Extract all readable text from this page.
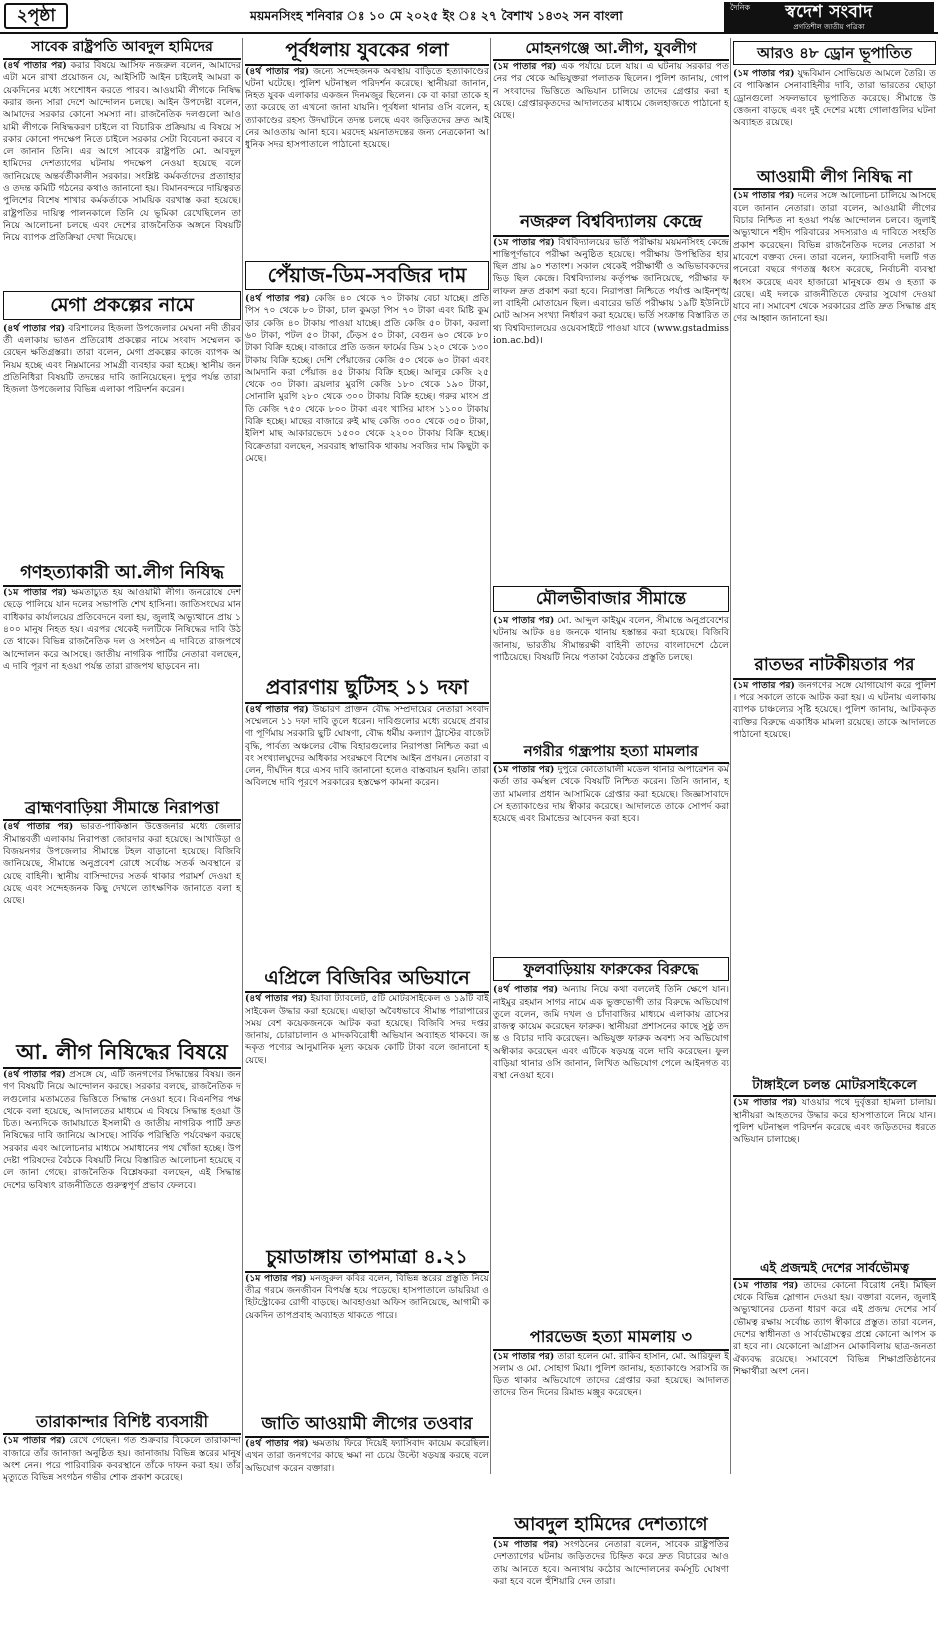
২পৃষ্ঠা	ময়মনসিংহ শনিবার ঃ ১০ মে ২০২৫ ইং ঃ ২৭ বৈশাখ ১৪৩২ সন বাংলা
দৈনিক	স্বদেশ সংবাদ
প্রগতিশীল জাতীয় পত্রিকা
সাবেক রাষ্ট্রপতি আবদুল হামিদের
(৪র্থ পাতার পর) করার বিষয়ে আসিফ নজরুল বলেন, আমাদের এটা মনে রাখা প্রয়োজন যে, আইসিটি আইন চাইলেই আমরা কয়েকদিনের মধ্যে সংশোধন করতে পারব। আওয়ামী লীগকে নিষিদ্ধ করার জন্য সারা দেশে আন্দোলন চলছে। আইন উপদেষ্টা বলেন, আমাদের সরকার কোনো সমস্যা না। রাজনৈতিক দলগুলো আওয়ামী লীগকে নিষিদ্ধকরণ চাইলে বা বিচারিক প্রক্রিয়ায় এ বিষয়ে সরকার কোনো পদক্ষেপ নিতে চাইলে সরকার সেটা বিবেচনা করবে বলে জানান তিনি। এর আগে সাবেক রাষ্ট্রপতি মো. আবদুল হামিদের দেশত্যাগের ঘটনায় পদক্ষেপ নেওয়া হয়েছে বলে জানিয়েছে অন্তর্বর্তীকালীন সরকার। সংশ্লিষ্ট কর্মকর্তাদের প্রত্যাহার ও তদন্ত কমিটি গঠনের কথাও জানানো হয়। বিমানবন্দরে দায়িত্বরত পুলিশের বিশেষ শাখার কর্মকর্তাকে সাময়িক বরখাস্ত করা হয়েছে। রাষ্ট্রপতির দায়িত্ব পালনকালে তিনি যে ভূমিকা রেখেছিলেন তা নিয়ে আলোচনা চলছে এবং দেশের রাজনৈতিক অঙ্গনে বিষয়টি নিয়ে ব্যাপক প্রতিক্রিয়া দেখা দিয়েছে।
মেগা প্রকল্পের নামে
(৪র্থ পাতার পর) বরিশালের হিজলা উপজেলার মেঘনা নদী তীরবর্তী এলাকায় ভাঙন প্রতিরোধ প্রকল্পের নামে সংবাদ সম্মেলন করেছেন ক্ষতিগ্রস্তরা। তারা বলেন, মেগা প্রকল্পের কাজে ব্যাপক অনিয়ম হচ্ছে এবং নিম্নমানের সামগ্রী ব্যবহার করা হচ্ছে। স্থানীয় জনপ্রতিনিধিরা বিষয়টি তদন্তের দাবি জানিয়েছেন। দুপুর পর্যন্ত তারা হিজলা উপজেলার বিভিন্ন এলাকা পরিদর্শন করেন।
গণহত্যাকারী আ.লীগ নিষিদ্ধ
(১ম পাতার পর) ক্ষমতাচ্যুত হয় আওয়ামী লীগ। জনরোষে দেশ ছেড়ে পালিয়ে যান দলের সভাপতি শেখ হাসিনা। জাতিসংঘের মানবাধিকার কার্যালয়ের প্রতিবেদনে বলা হয়, জুলাই অভ্যুত্থানে প্রায় ১৪০০ মানুষ নিহত হয়। এরপর থেকেই দলটিকে নিষিদ্ধের দাবি উঠতে থাকে। বিভিন্ন রাজনৈতিক দল ও সংগঠন এ দাবিতে রাজপথে আন্দোলন করে আসছে। জাতীয় নাগরিক পার্টির নেতারা বলছেন, এ দাবি পূরণ না হওয়া পর্যন্ত তারা রাজপথ ছাড়বেন না।
ব্রাহ্মণবাড়িয়া সীমান্তে নিরাপত্তা
(৪র্থ পাতার পর) ভারত-পাকিস্তান উত্তেজনার মধ্যে জেলার সীমান্তবর্তী এলাকায় নিরাপত্তা জোরদার করা হয়েছে। আখাউড়া ও বিজয়নগর উপজেলার সীমান্তে টহল বাড়ানো হয়েছে। বিজিবি জানিয়েছে, সীমান্তে অনুপ্রবেশ রোধে সর্বোচ্চ সতর্ক অবস্থানে রয়েছে বাহিনী। স্থানীয় বাসিন্দাদের সতর্ক থাকার পরামর্শ দেওয়া হয়েছে এবং সন্দেহজনক কিছু দেখলে তাৎক্ষণিক জানাতে বলা হয়েছে।
আ. লীগ নিষিদ্ধের বিষয়ে
(৪র্থ পাতার পর) প্রসঙ্গে যে, এটি জনগণের সিদ্ধান্তের বিষয়। জনগণ বিষয়টি নিয়ে আন্দোলন করছে। সরকার বলছে, রাজনৈতিক দলগুলোর মতামতের ভিত্তিতে সিদ্ধান্ত নেওয়া হবে। বিএনপির পক্ষ থেকে বলা হয়েছে, আদালতের মাধ্যমে এ বিষয়ে সিদ্ধান্ত হওয়া উচিত। অন্যদিকে জামায়াতে ইসলামী ও জাতীয় নাগরিক পার্টি দ্রুত নিষিদ্ধের দাবি জানিয়ে আসছে। সার্বিক পরিস্থিতি পর্যবেক্ষণ করছে সরকার এবং আলোচনার মাধ্যমে সমাধানের পথ খোঁজা হচ্ছে। উপদেষ্টা পরিষদের বৈঠকে বিষয়টি নিয়ে বিস্তারিত আলোচনা হয়েছে বলে জানা গেছে। রাজনৈতিক বিশ্লেষকরা বলছেন, এই সিদ্ধান্ত দেশের ভবিষ্যৎ রাজনীতিতে গুরুত্বপূর্ণ প্রভাব ফেলবে।
তারাকান্দার বিশিষ্ট ব্যবসায়ী
(১ম পাতার পর) রেখে গেছেন। গত শুক্রবার বিকেলে তারাকান্দা বাজারে তাঁর জানাজা অনুষ্ঠিত হয়। জানাজায় বিভিন্ন স্তরের মানুষ অংশ নেন। পরে পারিবারিক কবরস্থানে তাঁকে দাফন করা হয়। তাঁর মৃত্যুতে বিভিন্ন সংগঠন গভীর শোক প্রকাশ করেছে।
পূর্বধলায় যুবকের গলা
(৪র্থ পাতার পর) জন্যে সন্দেহজনক অবস্থায় বাড়িতে হত্যাকাণ্ডের ঘটনা ঘটেছে। পুলিশ ঘটনাস্থল পরিদর্শন করেছে। স্থানীয়রা জানান, নিহত যুবক এলাকার একজন দিনমজুর ছিলেন। কে বা কারা তাকে হত্যা করেছে তা এখনো জানা যায়নি। পূর্বধলা থানার ওসি বলেন, হত্যাকাণ্ডের রহস্য উদঘাটনে তদন্ত চলছে এবং জড়িতদের দ্রুত আইনের আওতায় আনা হবে। মরদেহ ময়নাতদন্তের জন্য নেত্রকোনা আধুনিক সদর হাসপাতালে পাঠানো হয়েছে।
পেঁয়াজ-ডিম-সবজির দাম
(৪র্থ পাতার পর) কেজি ৪০ থেকে ৭০ টাকায় বেচা যাচ্ছে। প্রতি পিস ৭০ থেকে ৮০ টাকা, চাল কুমড়া পিস ৭০ টাকা এবং মিষ্টি কুমড়ার কেজি ৪০ টাকায় পাওয়া যাচ্ছে। প্রতি কেজি ৫০ টাকা, করলা ৬০ টাকা, পটল ৫০ টাকা, ঢেঁড়স ৫০ টাকা, বেগুন ৬০ থেকে ৮০ টাকা বিক্রি হচ্ছে। বাজারে প্রতি ডজন ফার্মের ডিম ১২০ থেকে ১৩০ টাকায় বিক্রি হচ্ছে। দেশি পেঁয়াজের কেজি ৫০ থেকে ৬০ টাকা এবং আমদানি করা পেঁয়াজ ৪৫ টাকায় বিক্রি হচ্ছে। আলুর কেজি ২৫ থেকে ৩০ টাকা। ব্রয়লার মুরগি কেজি ১৮০ থেকে ১৯০ টাকা, সোনালি মুরগি ২৮০ থেকে ৩০০ টাকায় বিক্রি হচ্ছে। গরুর মাংস প্রতি কেজি ৭৫০ থেকে ৮০০ টাকা এবং খাসির মাংস ১১০০ টাকায় বিক্রি হচ্ছে। মাছের বাজারে রুই মাছ কেজি ৩০০ থেকে ৩৫০ টাকা, ইলিশ মাছ আকারভেদে ১৫০০ থেকে ২২০০ টাকায় বিক্রি হচ্ছে। বিক্রেতারা বলছেন, সরবরাহ স্বাভাবিক থাকায় সবজির দাম কিছুটা কমেছে।
প্রবারণায় ছুটিসহ ১১ দফা
(৪র্থ পাতার পর) উচ্চারণ প্রাক্তন বৌদ্ধ সম্প্রদায়ের নেতারা সংবাদ সম্মেলনে ১১ দফা দাবি তুলে ধরেন। দাবিগুলোর মধ্যে রয়েছে প্রবারণা পূর্ণিমায় সরকারি ছুটি ঘোষণা, বৌদ্ধ ধর্মীয় কল্যাণ ট্রাস্টের বাজেট বৃদ্ধি, পার্বত্য অঞ্চলের বৌদ্ধ বিহারগুলোর নিরাপত্তা নিশ্চিত করা এবং সংখ্যালঘুদের অধিকার সংরক্ষণে বিশেষ আইন প্রণয়ন। নেতারা বলেন, দীর্ঘদিন ধরে এসব দাবি জানানো হলেও বাস্তবায়ন হয়নি। তারা অবিলম্বে দাবি পূরণে সরকারের হস্তক্ষেপ কামনা করেন।
এপ্রিলে বিজিবির অভিযানে
(৪র্থ পাতার পর) ইয়াবা ট্যাবলেট, ৫টি মোটরসাইকেল ও ১৯টি বাইসাইকেল উদ্ধার করা হয়েছে। এছাড়া অবৈধভাবে সীমান্ত পারাপারের সময় বেশ কয়েকজনকে আটক করা হয়েছে। বিজিবি সদর দপ্তর জানায়, চোরাচালান ও মাদকবিরোধী অভিযান অব্যাহত থাকবে। জব্দকৃত পণ্যের আনুমানিক মূল্য কয়েক কোটি টাকা বলে জানানো হয়েছে।
চুয়াডাঙ্গায় তাপমাত্রা ৪.২১
(১ম পাতার পর) মনজুরুল কবির বলেন, বিভিন্ন স্তরের প্রস্তুতি নিয়ে তীব্র গরমে জনজীবন বিপর্যস্ত হয়ে পড়েছে। হাসপাতালে ডায়রিয়া ও হিটস্ট্রোকের রোগী বাড়ছে। আবহাওয়া অফিস জানিয়েছে, আগামী কয়েকদিন তাপপ্রবাহ অব্যাহত থাকতে পারে।
জাতি আওয়ামী লীগের তওবার
(৪র্থ পাতার পর) ক্ষমতায় ফিরে দিয়েই ফ্যাসিবাদ কায়েম করেছিল। এখন তারা জনগণের কাছে ক্ষমা না চেয়ে উল্টো ষড়যন্ত্র করছে বলে অভিযোগ করেন বক্তারা।
মোহনগঞ্জে আ.লীগ, যুবলীগ
(১ম পাতার পর) এক পর্যায়ে চলে যায়। এ ঘটনায় সরকার পতনের পর থেকে অভিযুক্তরা পলাতক ছিলেন। পুলিশ জানায়, গোপন সংবাদের ভিত্তিতে অভিযান চালিয়ে তাদের গ্রেপ্তার করা হয়েছে। গ্রেপ্তারকৃতদের আদালতের মাধ্যমে জেলহাজতে পাঠানো হয়েছে।
নজরুল বিশ্ববিদ্যালয় কেন্দ্রে
(১ম পাতার পর) বিশ্ববিদ্যালয়ের ভর্তি পরীক্ষায় ময়মনসিংহ কেন্দ্রে শান্তিপূর্ণভাবে পরীক্ষা অনুষ্ঠিত হয়েছে। পরীক্ষায় উপস্থিতির হার ছিল প্রায় ৯০ শতাংশ। সকাল থেকেই পরীক্ষার্থী ও অভিভাবকদের ভিড় ছিল কেন্দ্রে। বিশ্ববিদ্যালয় কর্তৃপক্ষ জানিয়েছে, পরীক্ষার ফলাফল দ্রুত প্রকাশ করা হবে। নিরাপত্তা নিশ্চিতে পর্যাপ্ত আইনশৃঙ্খলা বাহিনী মোতায়েন ছিল। এবারের ভর্তি পরীক্ষায় ১৯টি ইউনিটে মোট আসন সংখ্যা নির্ধারণ করা হয়েছে। ভর্তি সংক্রান্ত বিস্তারিত তথ্য বিশ্ববিদ্যালয়ের ওয়েবসাইটে পাওয়া যাবে (www.gstadmission.ac.bd)।
মৌলভীবাজার সীমান্তে
(১ম পাতার পর) মো. আব্দুল কাইয়ুম বলেন, সীমান্তে অনুপ্রবেশের ঘটনায় আটক ৪৪ জনকে থানায় হস্তান্তর করা হয়েছে। বিজিবি জানায়, ভারতীয় সীমান্তরক্ষী বাহিনী তাদের বাংলাদেশে ঠেলে পাঠিয়েছে। বিষয়টি নিয়ে পতাকা বৈঠকের প্রস্তুতি চলছে।
নগরীর গন্ধ্রপায় হত্যা মামলার
(১ম পাতার পর) দুপুরে কোতোয়ালী মডেল থানার অপারেশন কর্মকর্তা তার কর্মস্থল থেকে বিষয়টি নিশ্চিত করেন। তিনি জানান, হত্যা মামলার প্রধান আসামিকে গ্রেপ্তার করা হয়েছে। জিজ্ঞাসাবাদে সে হত্যাকাণ্ডের দায় স্বীকার করেছে। আদালতে তাকে সোপর্দ করা হয়েছে এবং রিমান্ডের আবেদন করা হবে।
ফুলবাড়িয়ায় ফারুকের বিরুদ্ধে
(৪র্থ পাতার পর) অন্যায় নিয়ে কথা বললেই তিনি ক্ষেপে যান। নাইমুর রহমান সাগর নামে এক ভুক্তভোগী তার বিরুদ্ধে অভিযোগ তুলে বলেন, জমি দখল ও চাঁদাবাজির মাধ্যমে এলাকায় ত্রাসের রাজত্ব কায়েম করেছেন ফারুক। স্থানীয়রা প্রশাসনের কাছে সুষ্ঠু তদন্ত ও বিচার দাবি করেছেন। অভিযুক্ত ফারুক অবশ্য সব অভিযোগ অস্বীকার করেছেন এবং এটিকে ষড়যন্ত্র বলে দাবি করেছেন। ফুলবাড়িয়া থানার ওসি জানান, লিখিত অভিযোগ পেলে আইনগত ব্যবস্থা নেওয়া হবে।
পারভেজ হত্যা মামলায় ৩
(১ম পাতার পর) তারা হলেন মো. রাকিব হাসান, মো. আরিফুল ইসলাম ও মো. সোহাগ মিয়া। পুলিশ জানায়, হত্যাকাণ্ডে সরাসরি জড়িত থাকার অভিযোগে তাদের গ্রেপ্তার করা হয়েছে। আদালত তাদের তিন দিনের রিমান্ড মঞ্জুর করেছেন।
আবদুল হামিদের দেশত্যাগে
(১ম পাতার পর) সংগঠনের নেতারা বলেন, সাবেক রাষ্ট্রপতির দেশত্যাগের ঘটনায় জড়িতদের চিহ্নিত করে দ্রুত বিচারের আওতায় আনতে হবে। অন্যথায় কঠোর আন্দোলনের কর্মসূচি ঘোষণা করা হবে বলে হুঁশিয়ারি দেন তারা।
আরও ৪৮ ড্রোন ভূপাতিত
(১ম পাতার পর) যুদ্ধবিমান সোভিয়েত আমলে তৈরি। তবে পাকিস্তান সেনাবাহিনীর দাবি, তারা ভারতের ছোড়া ড্রোনগুলো সফলভাবে ভূপাতিত করেছে। সীমান্তে উত্তেজনা বাড়ছে এবং দুই দেশের মধ্যে গোলাগুলির ঘটনা অব্যাহত রয়েছে।
আওয়ামী লীগ নিষিদ্ধ না
(১ম পাতার পর) দলের সঙ্গে আলোচনা চালিয়ে আসছে বলে জানান নেতারা। তারা বলেন, আওয়ামী লীগের বিচার নিশ্চিত না হওয়া পর্যন্ত আন্দোলন চলবে। জুলাই অভ্যুত্থানে শহীদ পরিবারের সদস্যরাও এ দাবিতে সংহতি প্রকাশ করেছেন। বিভিন্ন রাজনৈতিক দলের নেতারা সমাবেশে বক্তব্য দেন। তারা বলেন, ফ্যাসিবাদী দলটি গত পনেরো বছরে গণতন্ত্র ধ্বংস করেছে, নির্বাচনী ব্যবস্থা ধ্বংস করেছে এবং হাজারো মানুষকে গুম ও হত্যা করেছে। এই দলকে রাজনীতিতে ফেরার সুযোগ দেওয়া যাবে না। সমাবেশ থেকে সরকারের প্রতি দ্রুত সিদ্ধান্ত গ্রহণের আহ্বান জানানো হয়।
রাতভর নাটকীয়তার পর
(১ম পাতার পর) জনগণের সঙ্গে যোগাযোগ করে পুলিশ। পরে সকালে তাকে আটক করা হয়। এ ঘটনায় এলাকায় ব্যাপক চাঞ্চল্যের সৃষ্টি হয়েছে। পুলিশ জানায়, আটককৃত ব্যক্তির বিরুদ্ধে একাধিক মামলা রয়েছে। তাকে আদালতে পাঠানো হয়েছে।
টাঙ্গাইলে চলন্ত মোটরসাইকেলে
(১ম পাতার পর) যাওয়ার পথে দুর্বৃত্তরা হামলা চালায়। স্থানীয়রা আহতদের উদ্ধার করে হাসপাতালে নিয়ে যান। পুলিশ ঘটনাস্থল পরিদর্শন করেছে এবং জড়িতদের ধরতে অভিযান চালাচ্ছে।
এই প্রজন্মই দেশের সার্বভৌমত্ব
(১ম পাতার পর) তাদের কোনো বিরোধ নেই। মিছিল থেকে বিভিন্ন স্লোগান দেওয়া হয়। বক্তারা বলেন, জুলাই অভ্যুত্থানের চেতনা ধারণ করে এই প্রজন্ম দেশের সার্বভৌমত্ব রক্ষায় সর্বোচ্চ ত্যাগ স্বীকারে প্রস্তুত। তারা বলেন, দেশের স্বাধীনতা ও সার্বভৌমত্বের প্রশ্নে কোনো আপস করা হবে না। যেকোনো আগ্রাসন মোকাবিলায় ছাত্র-জনতা ঐক্যবদ্ধ রয়েছে। সমাবেশে বিভিন্ন শিক্ষাপ্রতিষ্ঠানের শিক্ষার্থীরা অংশ নেন।
